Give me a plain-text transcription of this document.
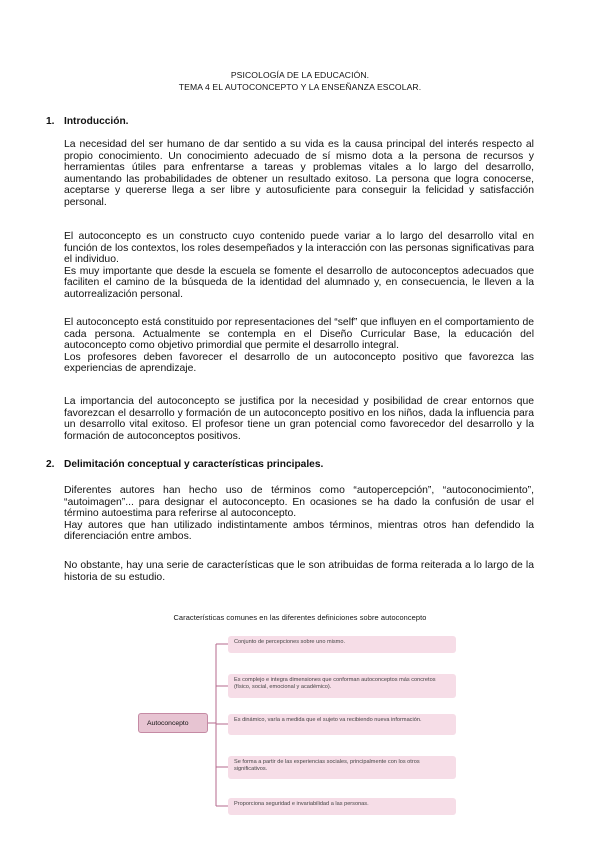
PSICOLOGÍA DE LA EDUCACIÓN.
TEMA 4 EL AUTOCONCEPTO Y LA ENSEÑANZA ESCOLAR.
1. Introducción.

La necesidad del ser humano de dar sentido a su vida es la causa principal del interés respecto al propio conocimiento. Un conocimiento adecuado de sí mismo dota a la persona de recursos y herramientas útiles para enfrentarse a tareas y problemas vitales a lo largo del desarrollo, aumentando las probabilidades de obtener un resultado exitoso. La persona que logra conocerse, aceptarse y quererse llega a ser libre y autosuficiente para conseguir la felicidad y satisfacción personal.

El autoconcepto es un constructo cuyo contenido puede variar a lo largo del desarrollo vital en función de los contextos, los roles desempeñados y la interacción con las personas significativas para el individuo.

Es muy importante que desde la escuela se fomente el desarrollo de autoconceptos adecuados que faciliten el camino de la búsqueda de la identidad del alumnado y, en consecuencia, le lleven a la autorrealización personal.

El autoconcepto está constituido por representaciones del “self” que influyen en el comportamiento de cada persona. Actualmente se contempla en el Diseño Curricular Base, la educación del autoconcepto como objetivo primordial que permite el desarrollo integral.

Los profesores deben favorecer el desarrollo de un autoconcepto positivo que favorezca las experiencias de aprendizaje.

La importancia del autoconcepto se justifica por la necesidad y posibilidad de crear entornos que favorezcan el desarrollo y formación de un autoconcepto positivo en los niños, dada la influencia para un desarrollo vital exitoso. El profesor tiene un gran potencial como favorecedor del desarrollo y la formación de autoconceptos positivos.

2. Delimitación conceptual y características principales.

Diferentes autores han hecho uso de términos como “autopercepción”, “autoconocimiento”, “autoimagen”... para designar el autoconcepto. En ocasiones se ha dado la confusión de usar el término autoestima para referirse al autoconcepto.

Hay autores que han utilizado indistintamente ambos términos, mientras otros han defendido la diferenciación entre ambos.

No obstante, hay una serie de características que le son atribuidas de forma reiterada a lo largo de la historia de su estudio.

Características comunes en las diferentes definiciones sobre autoconcepto
Autoconcepto
Conjunto de percepciones sobre uno mismo.
Es complejo e integra dimensiones que conforman autoconceptos más concretos (físico, social, emocional y académico).
Es dinámico, varía a medida que el sujeto va recibiendo nueva información.
Se forma a partir de las experiencias sociales, principalmente con los otros significativos.
Proporciona seguridad e invariabilidad a las personas.
